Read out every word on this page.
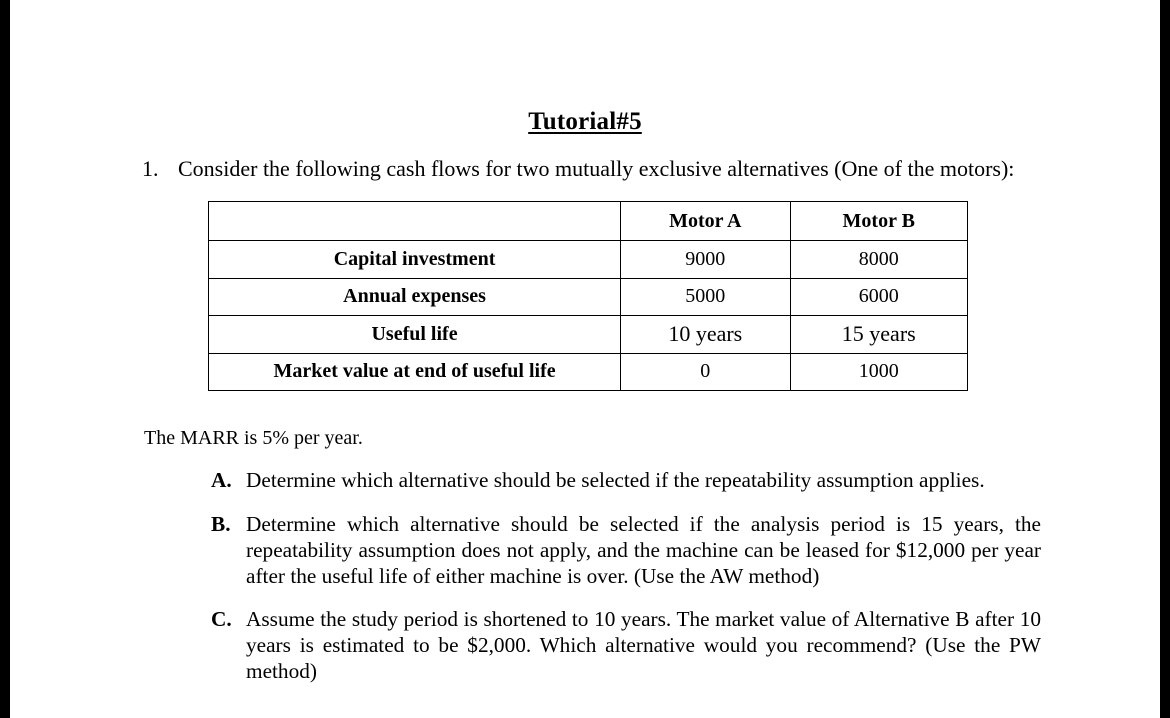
Tutorial#5
1. Consider the following cash flows for two mutually exclusive alternatives (One of the motors):
	Motor A	Motor B
Capital investment	9000	8000
Annual expenses	5000	6000
Useful life	10 years	15 years
Market value at end of useful life	0	1000
The MARR is 5% per year.
A. Determine which alternative should be selected if the repeatability assumption applies.
B. Determine which alternative should be selected if the analysis period is 15 years, the repeatability assumption does not apply, and the machine can be leased for $12,000 per year after the useful life of either machine is over. (Use the AW method)
C. Assume the study period is shortened to 10 years. The market value of Alternative B after 10 years is estimated to be $2,000. Which alternative would you recommend? (Use the PW method)
